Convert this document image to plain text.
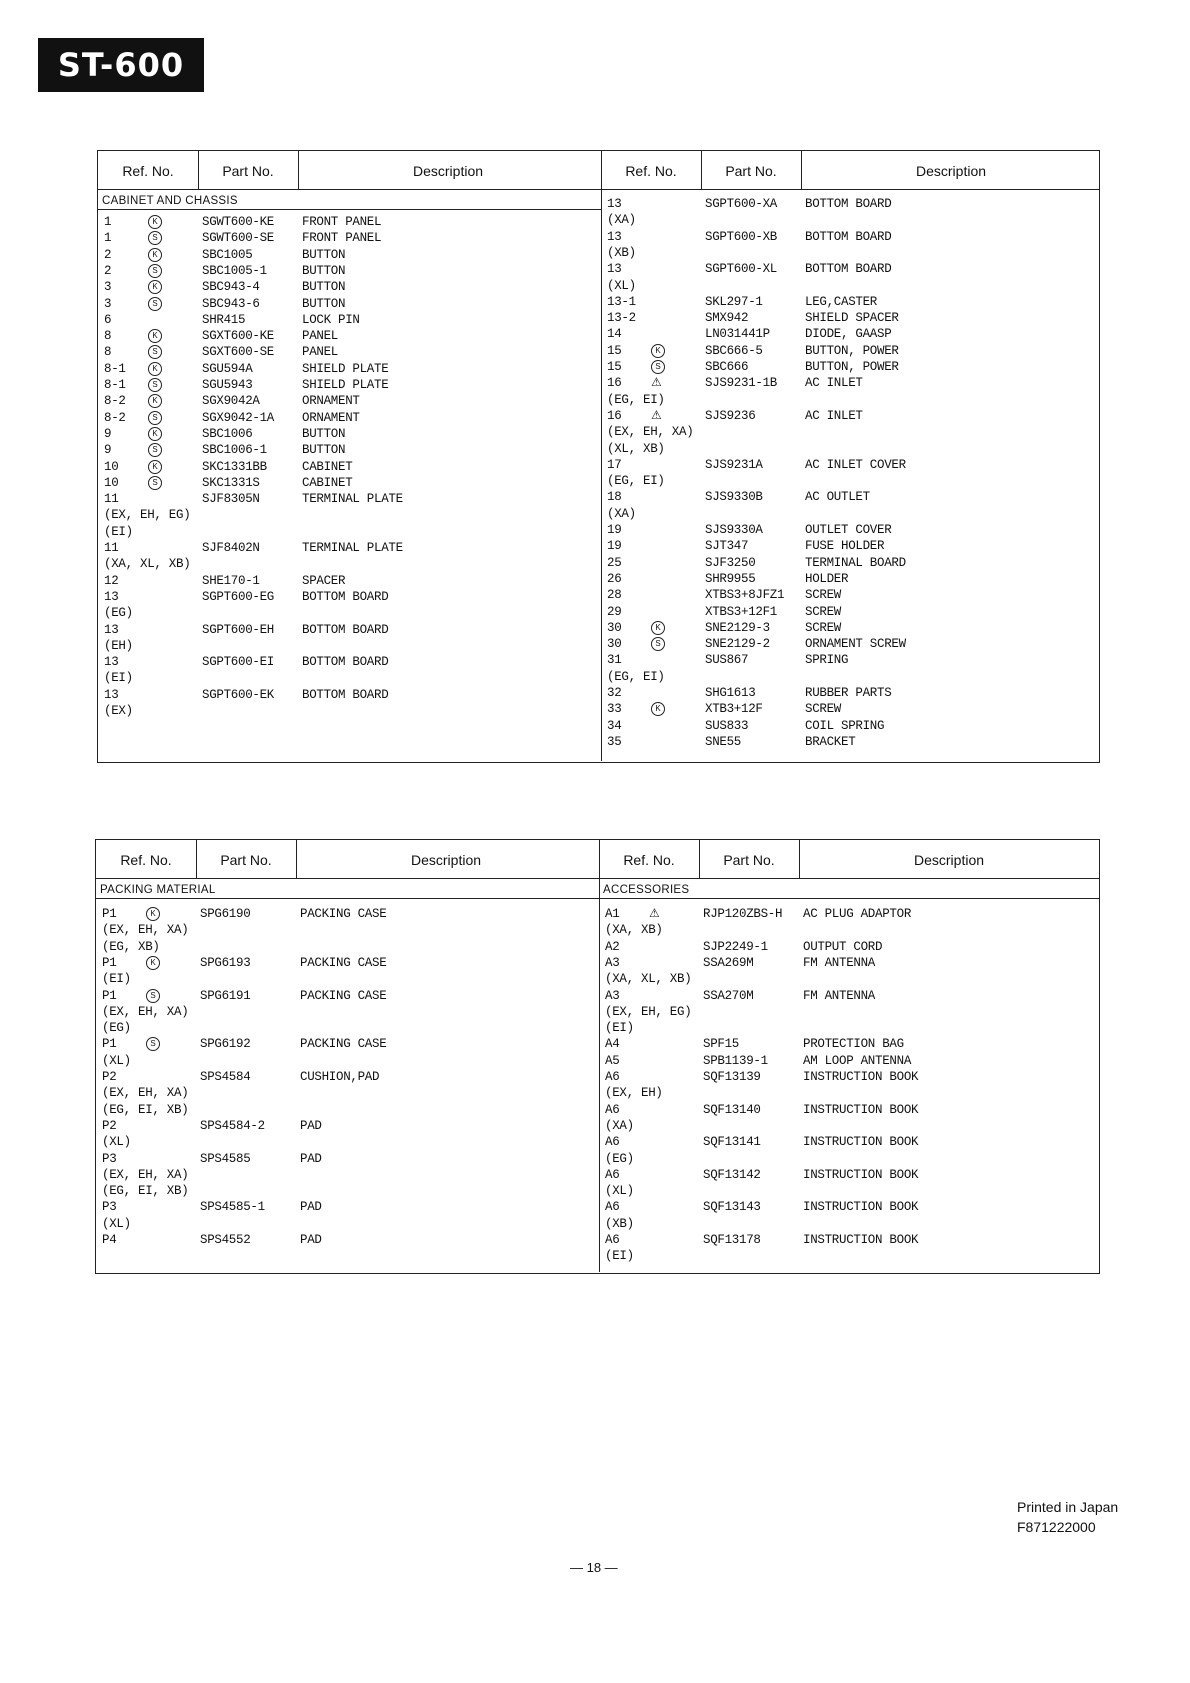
ST-600
Ref. No.	Part No.	Description	Ref. No.	Part No.	Description
CABINET AND CHASSIS
1	K	SGWT600-KE FRONT PANEL
1	S	SGWT600-SE FRONT PANEL
2	K	SBC1005	BUTTON
2	S	SBC1005-1	BUTTON
3	K	SBC943-4	BUTTON
3	S	SBC943-6	BUTTON
6	SHR415	LOCK PIN
8	K	SGXT600-KE PANEL
8	S	SGXT600-SE PANEL
8-1	K	SGU594A	SHIELD PLATE
8-1	S	SGU5943	SHIELD PLATE
8-2	K	SGX9042A	ORNAMENT
8-2	S	SGX9042-1A ORNAMENT
9	K	SBC1006	BUTTON
9	S	SBC1006-1	BUTTON
10	K	SKC1331BB	CABINET
10	S	SKC1331S	CABINET
11	SJF8305N	TERMINAL PLATE
(EX, EH, EG)
(EI)
11	SJF8402N	TERMINAL PLATE
(XA, XL, XB)
12	SHE170-1	SPACER
13	SGPT600-EG BOTTOM BOARD
(EG)
13	SGPT600-EH BOTTOM BOARD
(EH)
13	SGPT600-EI BOTTOM BOARD
(EI)
13	SGPT600-EK BOTTOM BOARD
(EX)
13	SGPT600-XA BOTTOM BOARD
(XA)
13	SGPT600-XB BOTTOM BOARD
(XB)
13	SGPT600-XL BOTTOM BOARD
(XL)
13-1	SKL297-1	LEG,CASTER
13-2	SMX942	SHIELD SPACER
14	LN031441P	DIODE, GAASP
15	K	SBC666-5	BUTTON, POWER
15	S	SBC666	BUTTON, POWER
16 ⚠	SJS9231-1B AC INLET
(EG, EI)
16 ⚠	SJS9236	AC INLET
(EX, EH, XA)
(XL, XB)
17	SJS9231A	AC INLET COVER
(EG, EI)
18	SJS9330B	AC OUTLET
(XA)
19	SJS9330A	OUTLET COVER
19	SJT347	FUSE HOLDER
25	SJF3250	TERMINAL BOARD
26	SHR9955	HOLDER
28	XTBS3+8JFZ1 SCREW
29	XTBS3+12F1 SCREW
30	K	SNE2129-3	SCREW
30	S	SNE2129-2	ORNAMENT SCREW
31	SUS867	SPRING
(EG, EI)
32	SHG1613	RUBBER PARTS
33	K	XTB3+12F	SCREW
34	SUS833	COIL SPRING
35	SNE55	BRACKET
Ref. No.	Part No.	Description	Ref. No.	Part No.	Description
PACKING MATERIAL
P1	K	SPG6190	PACKING CASE
(EX, EH, XA)
(EG, XB)
P1	K	SPG6193	PACKING CASE
(EI)
P1	S	SPG6191	PACKING CASE
(EX, EH, XA)
(EG)
P1	S	SPG6192	PACKING CASE
(XL)
P2	SPS4584	CUSHION,PAD
(EX, EH, XA)
(EG, EI, XB)
P2	SPS4584-2	PAD
(XL)
P3	SPS4585	PAD
(EX, EH, XA)
(EG, EI, XB)
P3	SPS4585-1	PAD
(XL)
P4	SPS4552	PAD
ACCESSORIES
A1 ⚠	RJP120ZBS-H AC PLUG ADAPTOR
(XA, XB)
A2	SJP2249-1	OUTPUT CORD
A3	SSA269M	FM ANTENNA
(XA, XL, XB)
A3	SSA270M	FM ANTENNA
(EX, EH, EG)
(EI)
A4	SPF15	PROTECTION BAG
A5	SPB1139-1	AM LOOP ANTENNA
A6	SQF13139	INSTRUCTION BOOK
(EX, EH)
A6	SQF13140	INSTRUCTION BOOK
(XA)
A6	SQF13141	INSTRUCTION BOOK
(EG)
A6	SQF13142	INSTRUCTION BOOK
(XL)
A6	SQF13143	INSTRUCTION BOOK
(XB)
A6	SQF13178	INSTRUCTION BOOK
(EI)
Printed in Japan
F871222000
— 18 —
